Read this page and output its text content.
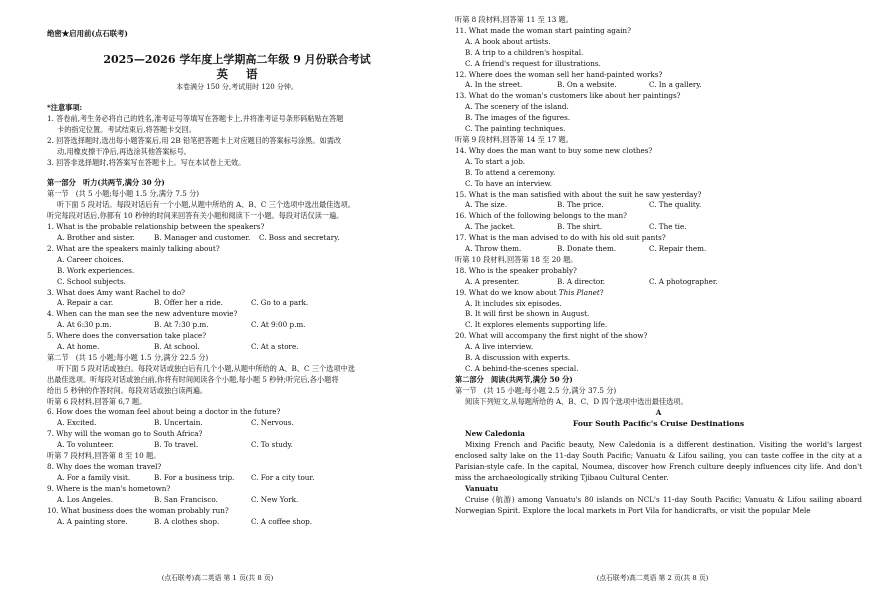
绝密★启用前(点石联考)
2025—2026 学年度上学期高二年级 9 月份联合考试
英语
本卷满分 150 分,考试用时 120 分钟。
*注意事项:
1. 答卷前,考生务必将自己的姓名,准考证号等填写在答题卡上,并将准考证号条形码粘贴在答题
卡的指定位置。考试结束后,将答题卡交回。
2. 回答选择题时,选出每小题答案后,用 2B 铅笔把答题卡上对应题目的答案标号涂黑。如需改
动,用橡皮擦干净后,再选涂其他答案标号。
3. 回答非选择题时,将答案写在答题卡上。写在本试卷上无效。
第一部分　听力(共两节,满分 30 分)
第一节　(共 5 小题;每小题 1.5 分,满分 7.5 分)
听下面 5 段对话。每段对话后有一个小题,从题中所给的 A、B、C 三个选项中选出最佳选项。
听完每段对话后,你都有 10 秒钟的时间来回答有关小题和阅读下一小题。每段对话仅读一遍。
1. What is the probable relationship between the speakers?
A. Brother and sister.	B. Manager and customer.	C. Boss and secretary.
2. What are the speakers mainly talking about?
A. Career choices.
B. Work experiences.
C. School subjects.
3. What does Amy want Rachel to do?
A. Repair a car.	B. Offer her a ride.	C. Go to a park.
4. When can the man see the new adventure movie?
A. At 6:30 p.m.	B. At 7:30 p.m.	C. At 9:00 p.m.
5. Where does the conversation take place?
A. At home.	B. At school.	C. At a store.
第二节　(共 15 小题;每小题 1.5 分,满分 22.5 分)
听下面 5 段对话或独白。每段对话或独白后有几个小题,从题中所给的 A、B、C 三个选项中选
出最佳选项。听每段对话或独白前,你将有时间阅读各个小题,每小题 5 秒钟;听完后,各小题将
给出 5 秒钟的作答时间。每段对话或独白读两遍。
听第 6 段材料,回答第 6,7 题。
6. How does the woman feel about being a doctor in the future?
A. Excited.	B. Uncertain.	C. Nervous.
7. Why will the woman go to South Africa?
A. To volunteer.	B. To travel.	C. To study.
听第 7 段材料,回答第 8 至 10 题。
8. Why does the woman travel?
A. For a family visit.	B. For a business trip.	C. For a city tour.
9. Where is the man's hometown?
A. Los Angeles.	B. San Francisco.	C. New York.
10. What business does the woman probably run?
A. A painting store.	B. A clothes shop.	C. A coffee shop.
(点石联考)高二英语 第 1 页(共 8 页)
听第 8 段材料,回答第 11 至 13 题。
11. What made the woman start painting again?
A. A book about artists.
B. A trip to a children's hospital.
C. A friend's request for illustrations.
12. Where does the woman sell her hand-painted works?
A. In the street.	B. On a website.	C. In a gallery.
13. What do the woman's customers like about her paintings?
A. The scenery of the island.
B. The images of the figures.
C. The painting techniques.
听第 9 段材料,回答第 14 至 17 题。
14. Why does the man want to buy some new clothes?
A. To start a job.
B. To attend a ceremony.
C. To have an interview.
15. What is the man satisfied with about the suit he saw yesterday?
A. The size.	B. The price.	C. The quality.
16. Which of the following belongs to the man?
A. The jacket.	B. The shirt.	C. The tie.
17. What is the man advised to do with his old suit pants?
A. Throw them.	B. Donate them.	C. Repair them.
听第 10 段材料,回答第 18 至 20 题。
18. Who is the speaker probably?
A. A presenter.	B. A director.	C. A photographer.
19. What do we know about This Planet?
A. It includes six episodes.
B. It will first be shown in August.
C. It explores elements supporting life.
20. What will accompany the first night of the show?
A. A live interview.
B. A discussion with experts.
C. A behind-the-scenes special.
第二部分　阅读(共两节,满分 50 分)
第一节　(共 15 小题;每小题 2.5 分,满分 37.5 分)
阅读下列短文,从每题所给的 A、B、C、D 四个选项中选出最佳选项。
A
Four South Pacific's Cruise Destinations
New Caledonia
Mixing French and Pacific beauty, New Caledonia is a different destination. Visiting the world's largest enclosed salty lake on the 11-day South Pacific; Vanuatu & Lifou sailing, you can taste coffee in the city at a Parisian-style cafe. In the capital, Noumea, discover how French culture deeply influences city life. And don't miss the archaeologically striking Tjibaou Cultural Center.
Vanuatu
Cruise (航游) among Vanuatu's 80 islands on NCL's 11-day South Pacific; Vanuatu & Lifou sailing aboard Norwegian Spirit. Explore the local markets in Port Vila for handicrafts, or visit the popular Mele
(点石联考)高二英语 第 2 页(共 8 页)
